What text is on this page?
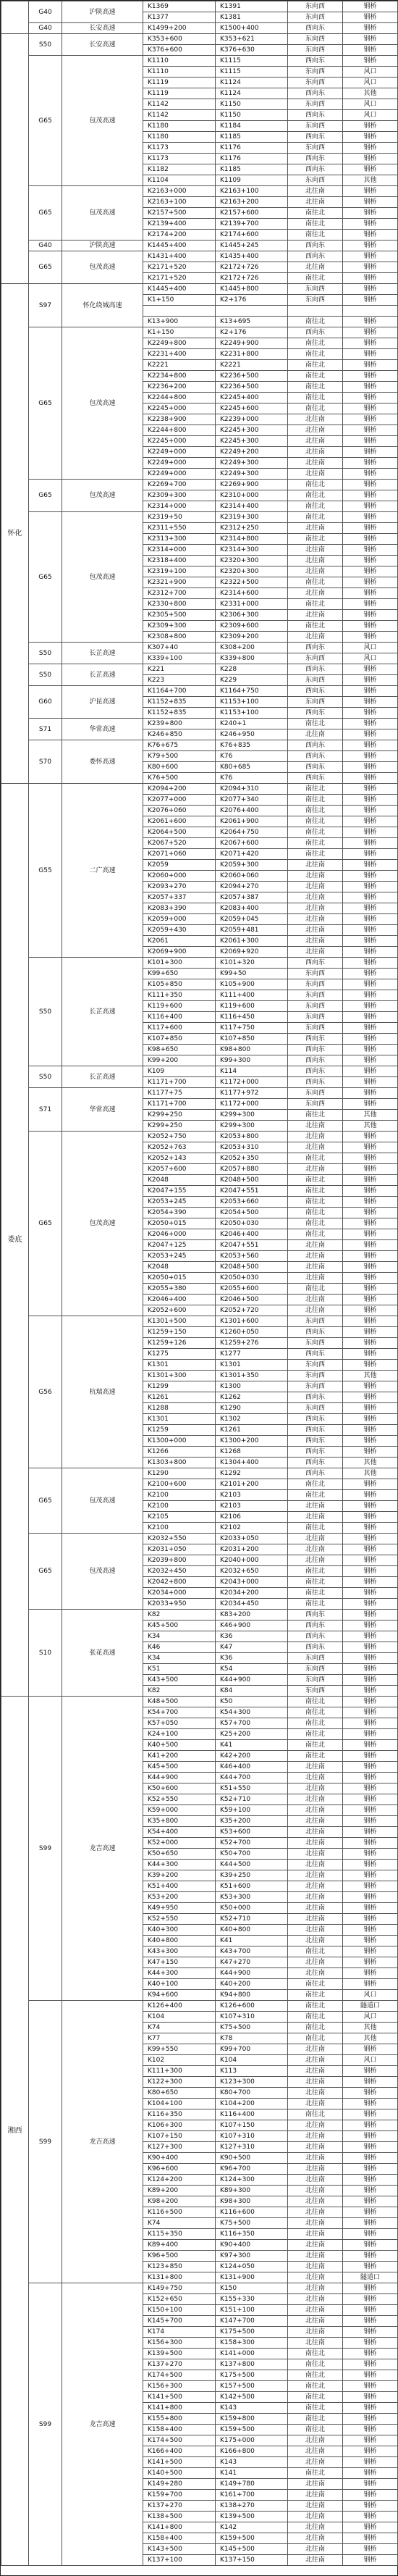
	G40	沪陕高速	K1369	K1391	东向西	钢桥
			K1377	K1381	东向西	钢桥
	G40	长安高速	K1499+200	K1500+400	西向东	钢桥
	S50	长安高速	K353+600	K353+621	东向西	钢桥
			K376+600	K376+630	东向西	钢桥
	G65	包茂高速	K1110	K1115	西向东	钢桥
			K1110	K1115	东向西	风口
			K1119	K1124	东向西	风口
			K1119	K1124	西向东	其他
			K1142	K1150	东向西	风口
			K1142	K1150	西向东	风口
			K1180	K1184	东向西	钢桥
			K1180	K1185	西向东	钢桥
			K1173	K1176	东向西	钢桥
			K1173	K1176	西向东	钢桥
			K1182	K1185	西向东	钢桥
			K1104	K1109	东向西	其他
	G65	包茂高速	K2163+000	K2163+100	北往南	钢桥
			K2163+100	K2163+200	北往南	钢桥
			K2157+500	K2157+600	南往北	钢桥
			K2139+400	K2139+700	南往北	钢桥
			K2174+200	K2174+600	南往北	钢桥
	G40	沪陕高速	K1445+400	K1445+245	西向东	钢桥
	G65	包茂高速	K1431+400	K1435+400	西向东	钢桥
			K2171+520	K2172+726	北往南	钢桥
			K2171+520	K2172+726	南往北	钢桥
怀化	S97	怀化绕城高速	K1445+400	K1445+800	东向西	钢桥
			K1+150	K2+176	东向西	钢桥

			K13+900	K13+695	南往北	钢桥
	G65	包茂高速	K1+150	K2+176	西向东	钢桥
			K2249+800	K2249+900	南往北	钢桥
			K2231+400	K2231+800	南往北	钢桥
			K2221	K2221	南往北	钢桥
			K2234+800	K2236+500	南往北	钢桥
			K2236+200	K2236+500	南往北	钢桥
			K2244+800	K2245+400	南往北	钢桥
			K2245+000	K2245+600	南往北	钢桥
			K2238+900	K2239+000	北往南	钢桥
			K2244+800	K2245+300	北往南	钢桥
			K2245+000	K2245+300	北往南	钢桥
			K2249+000	K2249+200	北往南	钢桥
			K2249+000	K2249+300	北往南	钢桥
			K2249+000	K2249+300	北往南	钢桥
	G65	包茂高速	K2269+700	K2269+900	南往北	钢桥
			K2309+300	K2310+000	南往北	钢桥
			K2314+000	K2314+400	南往北	钢桥
	G65	包茂高速	K2319+50	K2319+300	南往北	钢桥
			K2311+550	K2312+250	北往南	钢桥
			K2313+300	K2314+800	南往北	钢桥
			K2314+000	K2314+300	北往南	钢桥
			K2318+400	K2320+300	北往南	钢桥
			K2319+100	K2320+300	北往南	钢桥
			K2321+900	K2322+500	南往北	钢桥
			K2312+700	K2314+600	北往南	钢桥
			K2330+800	K2331+000	南往北	钢桥
			K2305+500	K2306+300	北往南	钢桥
			K2309+300	K2309+600	南往北	钢桥
			K2308+800	K2309+200	北往南	钢桥
	S50	长芷高速	K307+40	K308+200	西向东	风口
			K339+100	K339+800	东向西	风口
	S50	长芷高速	K221	K228	西向东	钢桥
			K223	K229	东向西	钢桥
	G60	沪昆高速	K1164+700	K1164+750	西向东	钢桥
			K1152+835	K1153+100	东向西	钢桥
			K1152+835	K1153+100	西向东	钢桥
	S71	华常高速	K239+800	K240+1	南往北	钢桥
			K246+850	K246+950	北往南	钢桥
	S70	娄怀高速	K76+675	K76+835	西向东	钢桥
			K79+500	K76	西向东	钢桥
			K80+600	K80+685	西向东	钢桥
			K76+500	K76	西向东	钢桥
娄底	G55	二广高速	K2094+200	K2094+310	南往北	钢桥
			K2077+000	K2077+340	南往北	钢桥
			K2076+060	K2076+400	南往北	钢桥
			K2061+600	K2061+900	南往北	钢桥
			K2064+500	K2064+750	南往北	钢桥
			K2067+520	K2067+600	南往北	钢桥
			K2071+060	K2071+420	南往北	钢桥
			K2059	K2059+300	北往南	钢桥
			K2060+000	K2060+060	北往南	钢桥
			K2093+270	K2094+270	北往南	钢桥
			K2057+337	K2057+387	北往南	钢桥
			K2083+390	K2083+400	北往南	钢桥
			K2059+000	K2059+045	北往南	钢桥
			K2059+430	K2059+481	北往南	钢桥
			K2061	K2061+300	北往南	钢桥
			K2069+900	K2069+920	北往南	钢桥
	S50	长芷高速	K101+300	K101+320	西向东	钢桥
			K99+650	K99+50	东向西	钢桥
			K105+850	K105+900	东向西	钢桥
			K111+350	K111+400	东向西	钢桥
			K119+600	K119+600	东向西	钢桥
			K116+400	K116+450	东向西	钢桥
			K117+600	K117+750	东向西	钢桥
			K107+850	K107+850	西向东	钢桥
			K98+650	K98+800	西向东	钢桥
			K99+200	K99+300	西向东	钢桥
	S50	长芷高速	K109	K114	西向东	钢桥
			K1171+700	K1172+000	西向东	钢桥
	S71	华常高速	K1177+75	K1177+972	东向西	钢桥
			K1171+700	K1172+000	东向西	钢桥
			K299+250	K299+300	南往北	其他
			K299+250	K299+300	北往南	其他
	G65	包茂高速	K2052+750	K2053+800	北往南	钢桥
			K2052+763	K2053+310	北往南	钢桥
			K2052+143	K2052+350	南往北	钢桥
			K2057+600	K2057+880	北往南	钢桥
			K2048	K2048+500	南往北	钢桥
			K2047+155	K2047+551	南往北	钢桥
			K2053+245	K2053+660	南往北	钢桥
			K2054+390	K2054+500	南往北	钢桥
			K2050+015	K2050+030	南往北	钢桥
			K2046+000	K2046+400	南往北	钢桥
			K2047+125	K2047+551	北往南	钢桥
			K2053+245	K2053+560	北往南	钢桥
			K2048	K2048+500	北往南	钢桥
			K2050+015	K2050+030	北往南	钢桥
			K2055+380	K2055+600	南往北	钢桥
			K2046+400	K2046+500	北往南	钢桥
			K2052+600	K2052+720	北往南	钢桥
	G56	杭瑞高速	K1301+500	K1301+600	东向西	钢桥
			K1259+150	K1260+050	西向东	钢桥
			K1259+126	K1259+276	东向西	钢桥
			K1275	K1277	西向东	钢桥
			K1301	K1301	东向西	钢桥
			K1301+300	K1301+350	东向西	其他
			K1299	K1300	东向西	钢桥
			K1261	K1262	西向东	钢桥
			K1288	K1290	东向西	钢桥
			K1301	K1302	西向东	钢桥
			K1259	K1261	西向东	钢桥
			K1300+000	K1300+200	西向东	钢桥
			K1266	K1268	西向东	钢桥
			K1303+800	K1304+400	西向东	其他
	G65	包茂高速	K1290	K1292	西向东	其他
			K2100+600	K2101+200	南往北	钢桥
			K2100	K2103	南往北	钢桥
			K2100	K2103	北往南	钢桥
			K2105	K2106	北往南	钢桥
			K2100	K2102	南往北	钢桥
	G65	包茂高速	K2032+550	K2033+050	北往南	钢桥
			K2031+050	K2031+200	北往南	钢桥
			K2039+800	K2040+000	北往南	钢桥
			K2032+450	K2032+650	南往北	钢桥
			K2042+800	K2043+000	南往北	钢桥
			K2034+000	K2034+200	南往北	钢桥
			K2033+950	K2034+450	南往北	钢桥
	S10	张花高速	K82	K83+200	西向东	钢桥
			K45+500	K46+900	西向东	钢桥
			K34	K36	西向东	钢桥
			K46	K47	西向东	钢桥
			K34	K36	东向西	钢桥
			K51	K54	东向西	钢桥
			K43+500	K44+900	东向西	钢桥
			K82	K84	东向西	钢桥
湘西	S99	龙吉高速	K48+500	K50	南往北	钢桥
			K54+700	K54+300	南往北	钢桥
			K57+050	K57+700	南往北	钢桥
			K24+100	K25+200	南往北	钢桥
			K40+500	K41	南往北	钢桥
			K41+200	K42+200	南往北	钢桥
			K45+500	K46+400	北往南	钢桥
			K44+900	K44+700	北往南	钢桥
			K50+600	K51+550	北往南	钢桥
			K52+550	K52+710	北往南	钢桥
			K59+000	K59+100	北往南	钢桥
			K35+800	K35+200	北往南	钢桥
			K54+400	K53+600	北往南	钢桥
			K52+000	K52+700	北往南	钢桥
			K50+650	K50+700	北往南	钢桥
			K44+300	K44+500	北往南	钢桥
			K39+200	K39+250	北往南	钢桥
			K51+400	K51+600	北往南	钢桥
			K53+200	K53+300	北往南	钢桥
			K49+950	K50+000	北往南	钢桥
			K52+550	K52+710	北往南	钢桥
			K40+300	K40+800	北往南	钢桥
			K40+800	K41	北往南	钢桥
			K43+300	K43+700	南往北	钢桥
			K47+150	K47+270	北往南	钢桥
			K44+300	K44+900	北往南	钢桥
			K40+100	K40+200	南往北	钢桥
			K94+600	K94+800	南往北	风口
	S99	龙吉高速	K126+400	K126+600	南往北	隧道口
			K104	K107+310	南往北	风口
			K74	K75+500	南往北	其他
			K77	K78	南往北	其他
			K99+550	K99+700	北往南	钢桥
			K102	K104	北往南	风口
			K111+300	K113	北往南	钢桥
			K122+300	K123+300	北往南	钢桥
			K80+650	K80+700	北往南	钢桥
			K104+100	K104+200	北往南	钢桥
			K116+350	K116+400	南往北	钢桥
			K106+300	K107+150	北往南	钢桥
			K107+150	K107+310	北往南	钢桥
			K127+300	K127+310	北往南	钢桥
			K90+400	K90+500	北往南	钢桥
			K96+600	K96+700	北往南	钢桥
			K124+200	K124+300	北往南	钢桥
			K89+200	K89+300	北往南	钢桥
			K98+200	K98+300	北往南	钢桥
			K116+500	K116+600	北往南	钢桥
			K74	K75+500	北往南	钢桥
			K115+350	K116+350	北往南	钢桥
			K89+400	K90+400	北往南	钢桥
			K96+500	K97+300	北往南	钢桥
			K123+850	K124+050	北往南	钢桥
			K131+800	K131+900	北往南	隧道口
	S99	龙吉高速	K149+750	K150	北往南	钢桥
			K152+650	K155+330	北往南	钢桥
			K150+100	K151+100	北往南	钢桥
			K145+700	K147+700	北往南	钢桥
			K174	K175+500	北往南	钢桥
			K156+300	K158+300	北往南	钢桥
			K139+500	K141+000	南往北	钢桥
			K137+270	K137+800	南往北	钢桥
			K174+500	K175+500	南往北	钢桥
			K156+300	K157+500	南往北	钢桥
			K141+500	K142+500	南往北	钢桥
			K141+800	K143	南往北	钢桥
			K155+800	K159+800	南往北	钢桥
			K158+400	K159+500	南往北	钢桥
			K174+500	K175+000	北往南	钢桥
			K166+400	K166+800	北往南	钢桥
			K141+500	K143	北往南	钢桥
			K140+500	K141	南往北	钢桥
			K149+280	K149+780	北往南	钢桥
			K159+700	K161+700	北往南	钢桥
			K137+270	K138+270	北往南	钢桥
			K138+500	K139+500	北往南	钢桥
			K141+800	K142	北往南	钢桥
			K158+400	K159+500	北往南	钢桥
			K143+500	K145+500	北往南	钢桥
			K137+100	K137+150	北往南	钢桥
